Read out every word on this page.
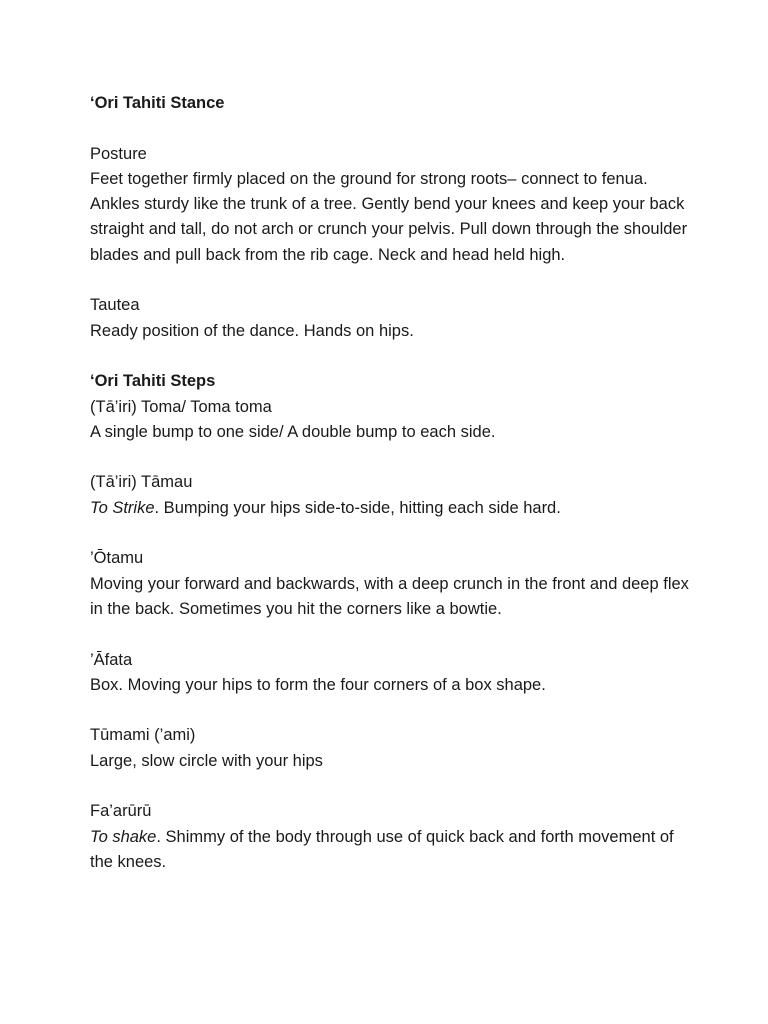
‘Ori Tahiti Stance

Posture

Feet together firmly placed on the ground for strong roots– connect to fenua. Ankles sturdy like the trunk of a tree. Gently bend your knees and keep your back straight and tall, do not arch or crunch your pelvis. Pull down through the shoulder blades and pull back from the rib cage. Neck and head held high.

Tautea

Ready position of the dance. Hands on hips.

‘Ori Tahiti Steps

(Tā’iri) Toma/ Toma toma

A single bump to one side/ A double bump to each side.

(Tā’iri) Tāmau

To Strike. Bumping your hips side-to-side, hitting each side hard.

’Ōtamu

Moving your forward and backwards, with a deep crunch in the front and deep flex in the back. Sometimes you hit the corners like a bowtie.

’Āfata

Box. Moving your hips to form the four corners of a box shape.

Tūmami (’ami)

Large, slow circle with your hips

Fa’arūrū

To shake. Shimmy of the body through use of quick back and forth movement of the knees.
